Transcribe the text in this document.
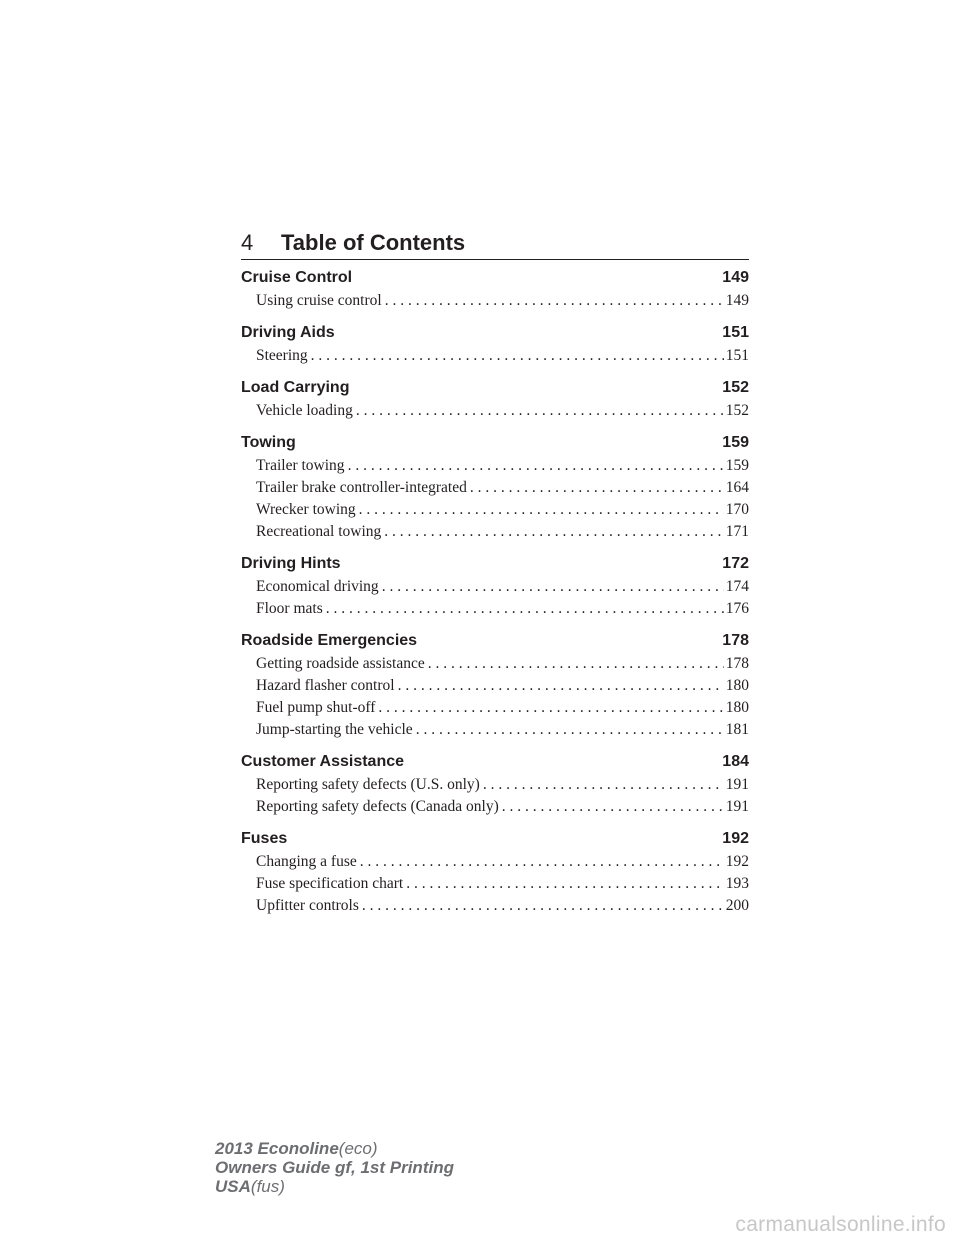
4 Table of Contents
Cruise Control	149
Using cruise control . . .	149
Driving Aids	151
Steering . . .	151
Load Carrying	152
Vehicle loading . . .	152
Towing	159
Trailer towing . . .	159
Trailer brake controller-integrated . . .	164
Wrecker towing . . .	170
Recreational towing . . .	171
Driving Hints	172
Economical driving . . .	174
Floor mats . . .	176
Roadside Emergencies	178
Getting roadside assistance . . .	178
Hazard flasher control . . .	180
Fuel pump shut-off . . .	180
Jump-starting the vehicle . . .	181
Customer Assistance	184
Reporting safety defects (U.S. only) . . .	191
Reporting safety defects (Canada only) . . .	191
Fuses	192
Changing a fuse . . .	192
Fuse specification chart . . .	193
Upfitter controls . . .	200
2013 Econoline(eco)
Owners Guide gf, 1st Printing
USA(fus)
carmanualsonline.info
